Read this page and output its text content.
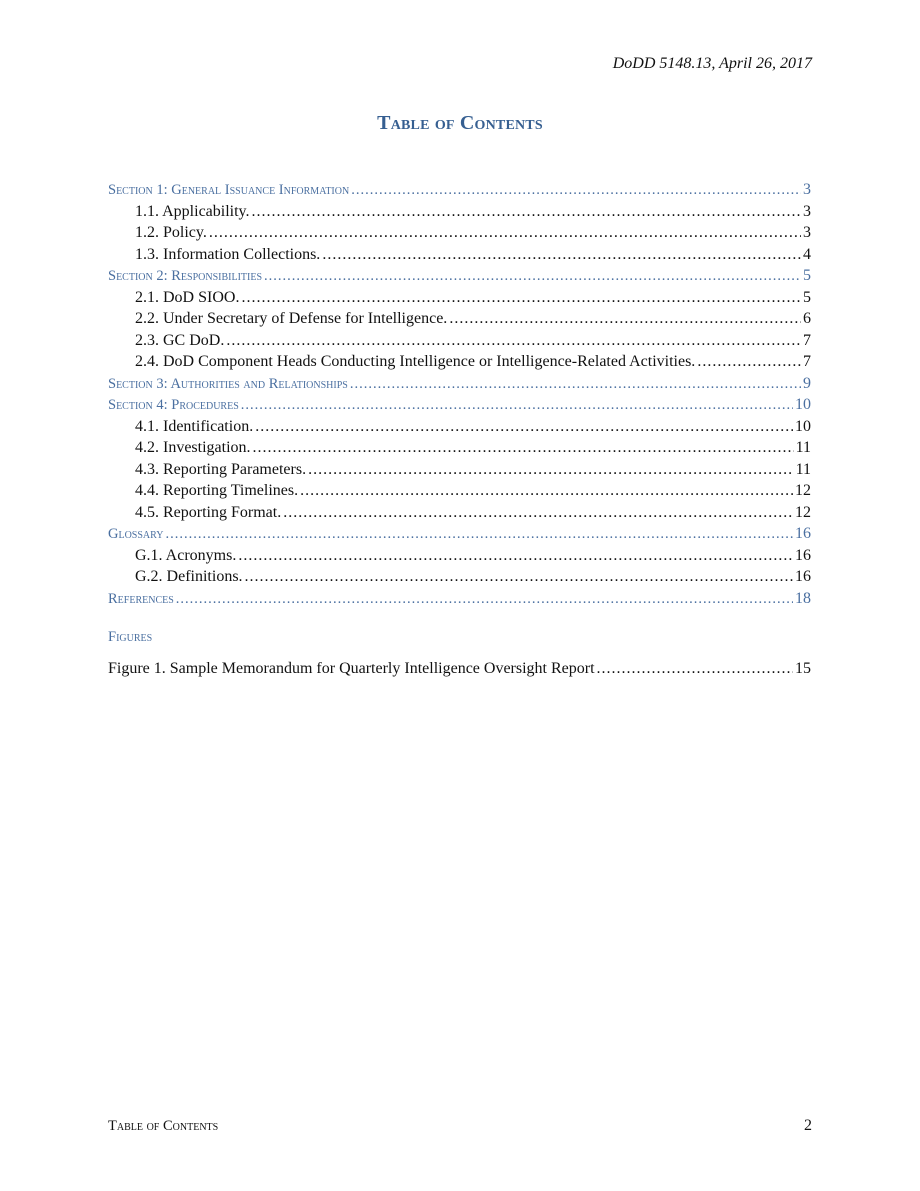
DoDD 5148.13, April 26, 2017
Table of Contents
Section 1: General Issuance Information .....	3
1.1. Applicability. .....	3
1.2. Policy. .....	3
1.3. Information Collections. .....	4
Section 2: Responsibilities .....	5
2.1. DoD SIOO. .....	5
2.2. Under Secretary of Defense for Intelligence. .....	6
2.3. GC DoD. .....	7
2.4. DoD Component Heads Conducting Intelligence or Intelligence-Related Activities. .....	7
Section 3: Authorities and Relationships .....	9
Section 4: Procedures .....	10
4.1. Identification. .....	10
4.2. Investigation. .....	11
4.3. Reporting Parameters. .....	11
4.4. Reporting Timelines. .....	12
4.5. Reporting Format. .....	12
Glossary .....	16
G.1. Acronyms. .....	16
G.2. Definitions. .....	16
References .....	18
Figures
Figure 1. Sample Memorandum for Quarterly Intelligence Oversight Report .....	15
Table of Contents	2
